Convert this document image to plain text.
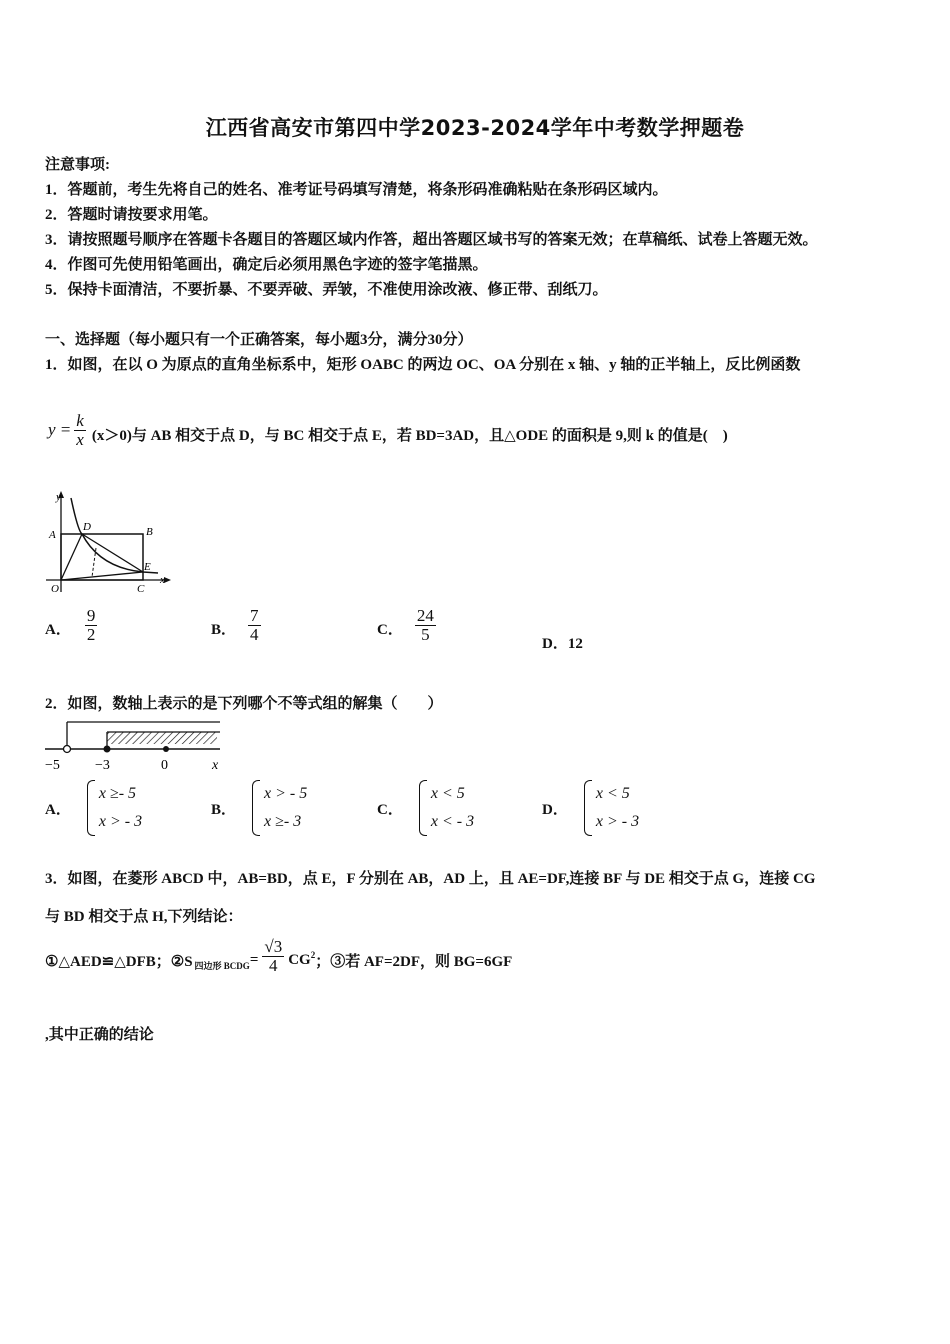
江西省高安市第四中学2023-2024学年中考数学押题卷
注意事项:
1．答题前，考生先将自己的姓名、准考证号码填写清楚，将条形码准确粘贴在条形码区域内。
2．答题时请按要求用笔。
3．请按照题号顺序在答题卡各题目的答题区域内作答，超出答题区域书写的答案无效；在草稿纸、试卷上答题无效。
4．作图可先使用铅笔画出，确定后必须用黑色字迹的签字笔描黑。
5．保持卡面清洁，不要折暴、不要弄破、弄皱，不准使用涂改液、修正带、刮纸刀。
一、选择题（每小题只有一个正确答案，每小题3分，满分30分）
1．如图，在以 O 为原点的直角坐标系中，矩形 OABC 的两边 OC、OA 分别在 x 轴、y 轴的正半轴上，反比例函数
$y = \frac{k}{x} (x>0)$与 AB 相交于点 D，与 BC 相交于点 E，若 BD=3AD，且△ODE 的面积是 9,则 k 的值是(　)
y
x
A	B
C
D
E
O
A． $\frac{9}{2}$	B． $\frac{7}{4}$	C． $\frac{24}{5}$
D．12
2．如图，数轴上表示的是下列哪个不等式组的解集（　　）
−5	−3	0	x
A．
x ≥- 5
x > - 3
B．
x > - 5
x ≥- 3
C．
x < 5
x < - 3
D．
x < 5
x > - 3
3．如图，在菱形 ABCD 中，AB=BD，点 E，F 分别在 AB，AD 上，且 AE=DF,连接 BF 与 DE 相交于点 G，连接 CG
与 BD 相交于点 H,下列结论：
①△AED≌△DFB；②S 四边形 BCDG = $\frac{√3}{4}$ CG 2 ；③若 AF=2DF，则 BG=6GF
,其中正确的结论
